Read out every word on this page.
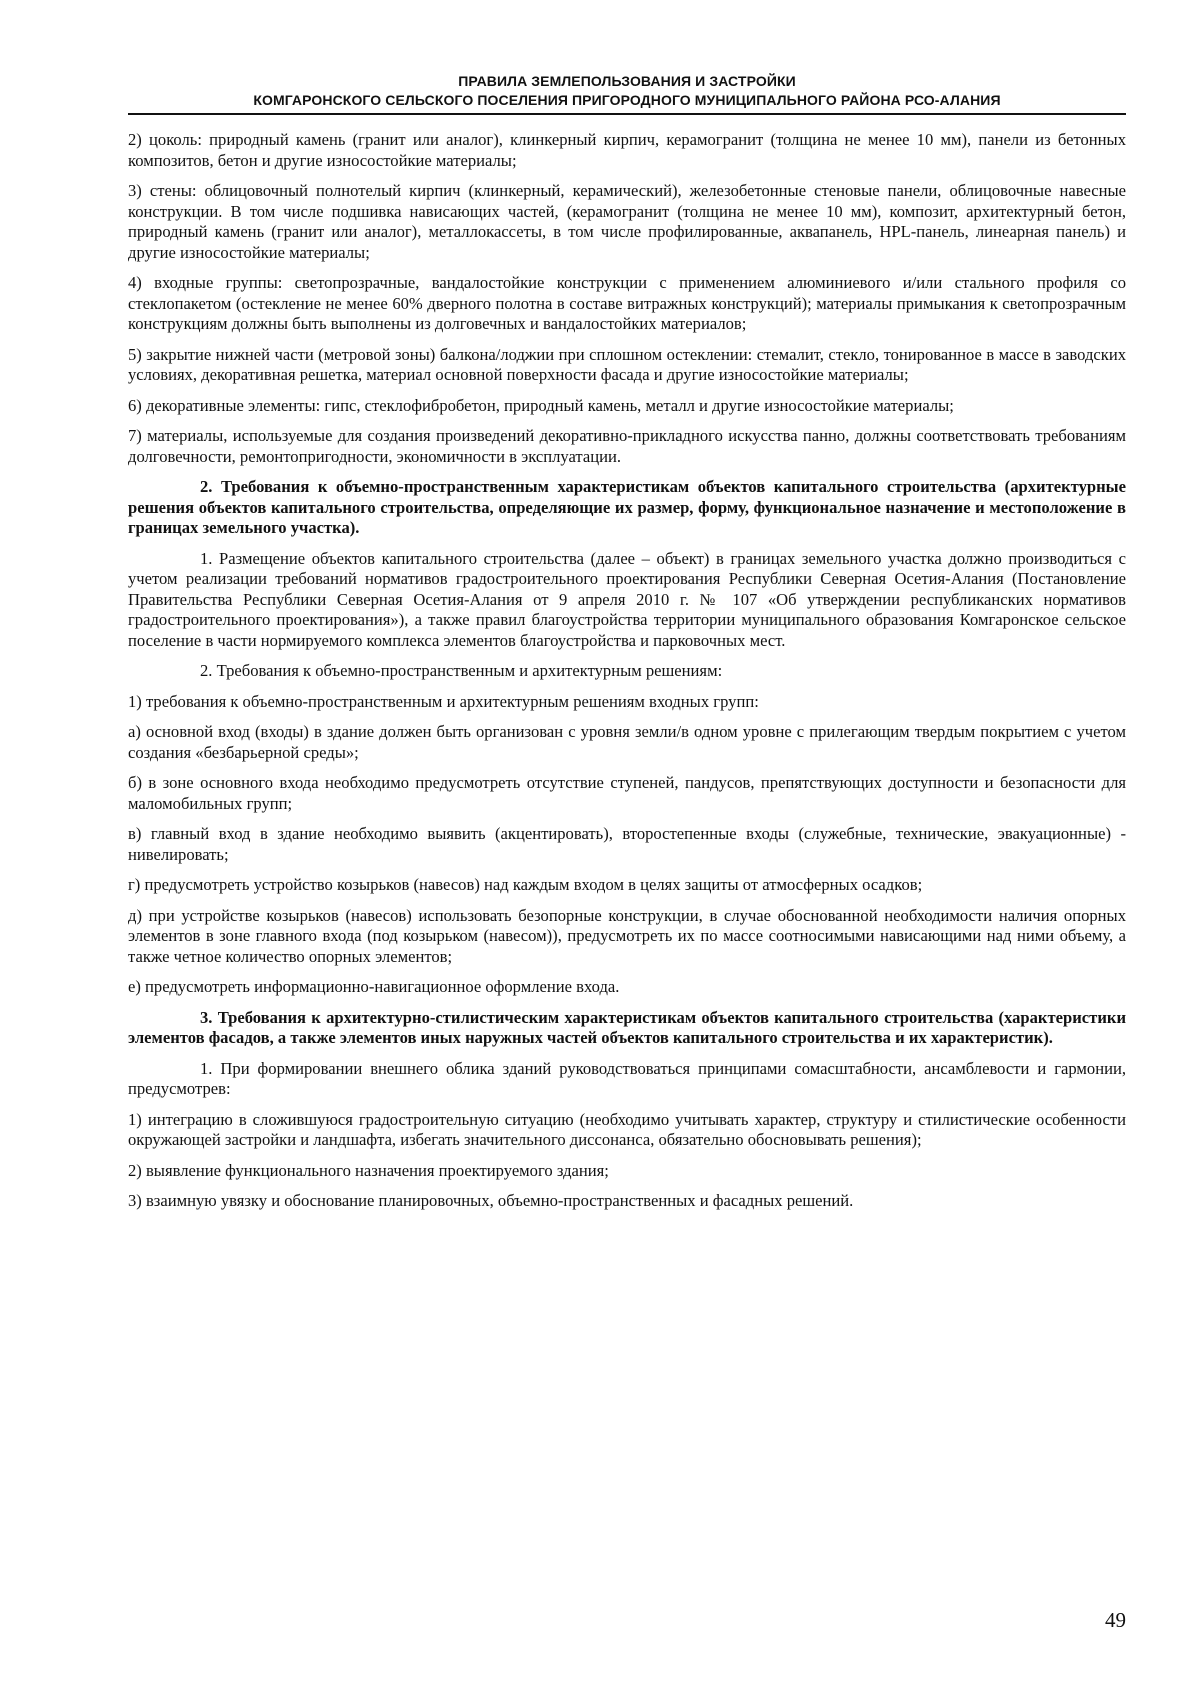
ПРАВИЛА ЗЕМЛЕПОЛЬЗОВАНИЯ И ЗАСТРОЙКИ
КОМГАРОНСКОГО СЕЛЬСКОГО ПОСЕЛЕНИЯ ПРИГОРОДНОГО МУНИЦИПАЛЬНОГО РАЙОНА РСО-АЛАНИЯ

2) цоколь: природный камень (гранит или аналог), клинкерный кирпич, керамогранит (толщина не менее 10 мм), панели из бетонных композитов, бетон и другие износостойкие материалы;

3) стены: облицовочный полнотелый кирпич (клинкерный, керамический), железобетонные стеновые панели, облицовочные навесные конструкции. В том числе подшивка нависающих частей, (керамогранит (толщина не менее 10 мм), композит, архитектурный бетон, природный камень (гранит или аналог), металлокассеты, в том числе профилированные, аквапанель, HPL-панель, линеарная панель) и другие износостойкие материалы;

4) входные группы: светопрозрачные, вандалостойкие конструкции с применением алюминиевого и/или стального профиля со стеклопакетом (остекление не менее 60% дверного полотна в составе витражных конструкций); материалы примыкания к светопрозрачным конструкциям должны быть выполнены из долговечных и вандалостойких материалов;

5) закрытие нижней части (метровой зоны) балкона/лоджии при сплошном остеклении: стемалит, стекло, тонированное в массе в заводских условиях, декоративная решетка, материал основной поверхности фасада и другие износостойкие материалы;

6) декоративные элементы: гипс, стеклофибробетон, природный камень, металл и другие износостойкие материалы;

7) материалы, используемые для создания произведений декоративно-прикладного искусства панно, должны соответствовать требованиям долговечности, ремонтопригодности, экономичности в эксплуатации.

2. Требования к объемно-пространственным характеристикам объектов капитального строительства (архитектурные решения объектов капитального строительства, определяющие их размер, форму, функциональное назначение и местоположение в границах земельного участка).

1. Размещение объектов капитального строительства (далее – объект) в границах земельного участка должно производиться с учетом реализации требований нормативов градостроительного проектирования Республики Северная Осетия-Алания (Постановление Правительства Республики Северная Осетия-Алания от 9 апреля 2010 г. № 107 «Об утверждении республиканских нормативов градостроительного проектирования»), а также правил благоустройства территории муниципального образования Комгаронское сельское поселение в части нормируемого комплекса элементов благоустройства и парковочных мест.

2. Требования к объемно-пространственным и архитектурным решениям:

1) требования к объемно-пространственным и архитектурным решениям входных групп:

а) основной вход (входы) в здание должен быть организован с уровня земли/в одном уровне с прилегающим твердым покрытием с учетом создания «безбарьерной среды»;

б) в зоне основного входа необходимо предусмотреть отсутствие ступеней, пандусов, препятствующих доступности и безопасности для маломобильных групп;

в) главный вход в здание необходимо выявить (акцентировать), второстепенные входы (служебные, технические, эвакуационные) - нивелировать;

г) предусмотреть устройство козырьков (навесов) над каждым входом в целях защиты от атмосферных осадков;

д) при устройстве козырьков (навесов) использовать безопорные конструкции, в случае обоснованной необходимости наличия опорных элементов в зоне главного входа (под козырьком (навесом)), предусмотреть их по массе соотносимыми нависающими над ними объему, а также четное количество опорных элементов;

е) предусмотреть информационно-навигационное оформление входа.

3. Требования к архитектурно-стилистическим характеристикам объектов капитального строительства (характеристики элементов фасадов, а также элементов иных наружных частей объектов капитального строительства и их характеристик).

1. При формировании внешнего облика зданий руководствоваться принципами сомасштабности, ансамблевости и гармонии, предусмотрев:

1) интеграцию в сложившуюся градостроительную ситуацию (необходимо учитывать характер, структуру и стилистические особенности окружающей застройки и ландшафта, избегать значительного диссонанса, обязательно обосновывать решения);

2) выявление функционального назначения проектируемого здания;

3) взаимную увязку и обоснование планировочных, объемно-пространственных и фасадных решений.

49
